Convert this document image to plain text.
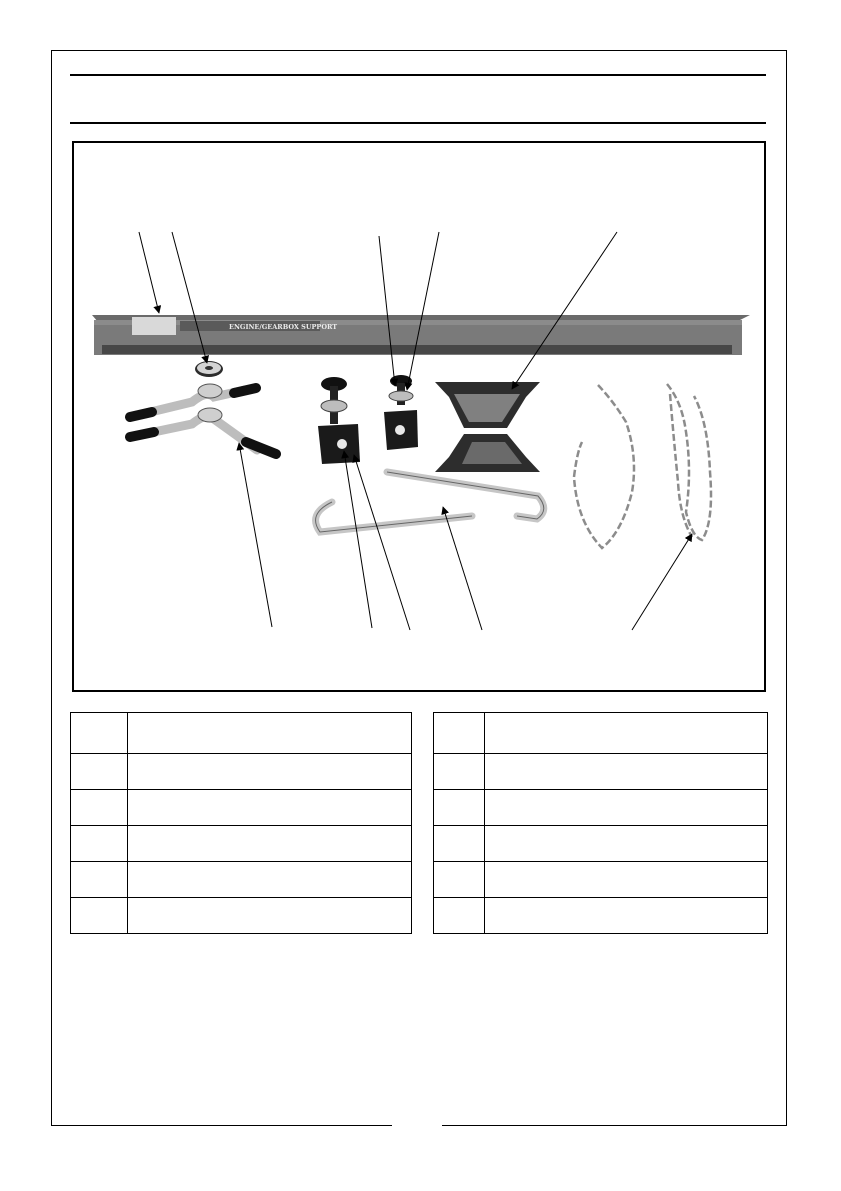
ENGINE/GEARBOX SUPPORT
